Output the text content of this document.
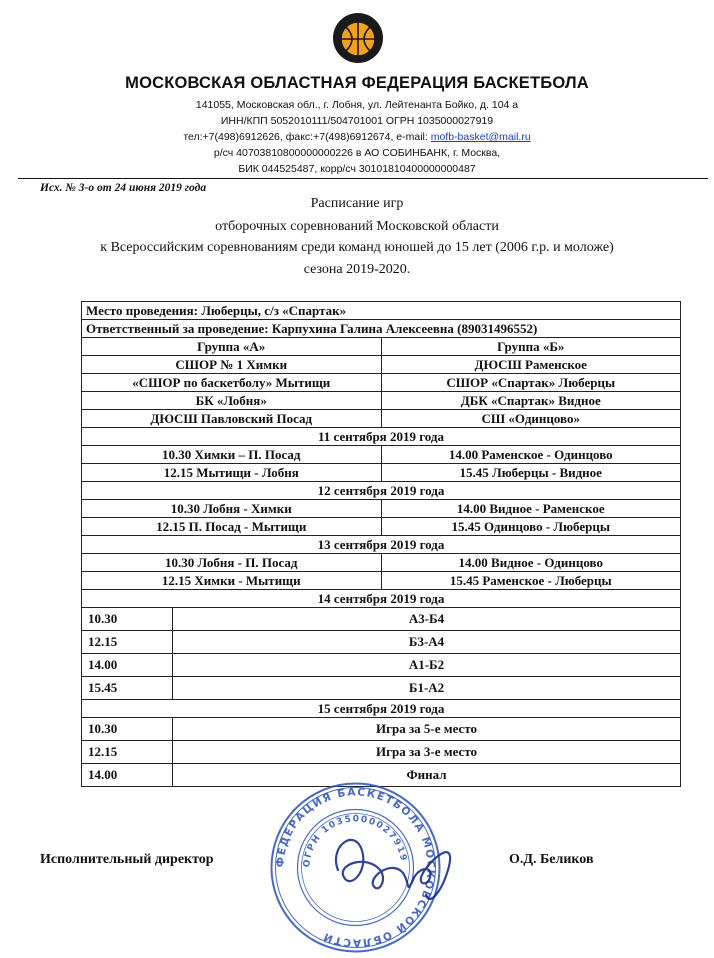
МОСКОВСКАЯ ОБЛАСТНАЯ ФЕДЕРАЦИЯ БАСКЕТБОЛА
141055, Московская обл., г. Лобня, ул. Лейтенанта Бойко, д. 104 а
ИНН/КПП 5052010111/504701001 ОГРН 1035000027919
тел:+7(498)6912626, факс:+7(498)6912674, e-mail: mofb-basket@mail.ru
р/сч 40703810800000000226 в АО СОБИНБАНК, г. Москва,
БИК 044525487, корр/сч 30101810400000000487
Исх. № 3-о от 24 июня 2019 года
Расписание игр
отборочных соревнований Московской области
к Всероссийским соревнованиям среди команд юношей до 15 лет (2006 г.р. и моложе)
сезона 2019-2020.
Место проведения: Люберцы, с/з «Спартак»
Ответственный за проведение: Карпухина Галина Алексеевна (89031496552)
Группа «А»	Группа «Б»
СШОР № 1 Химки	ДЮСШ Раменское
«СШОР по баскетболу» Мытищи	СШОР «Спартак» Люберцы
БК «Лобня»	ДБК «Спартак» Видное
ДЮСШ Павловский Посад	СШ «Одинцово»
11 сентября 2019 года
10.30 Химки – П. Посад	14.00 Раменское - Одинцово
12.15 Мытищи - Лобня	15.45 Люберцы - Видное
12 сентября 2019 года
10.30 Лобня - Химки	14.00 Видное - Раменское
12.15 П. Посад - Мытищи	15.45 Одинцово - Люберцы
13 сентября 2019 года
10.30 Лобня - П. Посад	14.00 Видное - Одинцово
12.15 Химки - Мытищи	15.45 Раменское - Люберцы
14 сентября 2019 года

10.30	А3-Б4
12.15	Б3-А4
14.00	А1-Б2
15.45	Б1-А2

15 сентября 2019 года

10.30	Игра за 5-е место
12.15	Игра за 3-е место
14.00	Финал
ФЕДЕРАЦИЯ БАСКЕТБОЛА МОСКОВСКОЙ ОБЛАСТИ
ОГРН 1035000027919
Исполнительный директор	О.Д. Беликов
